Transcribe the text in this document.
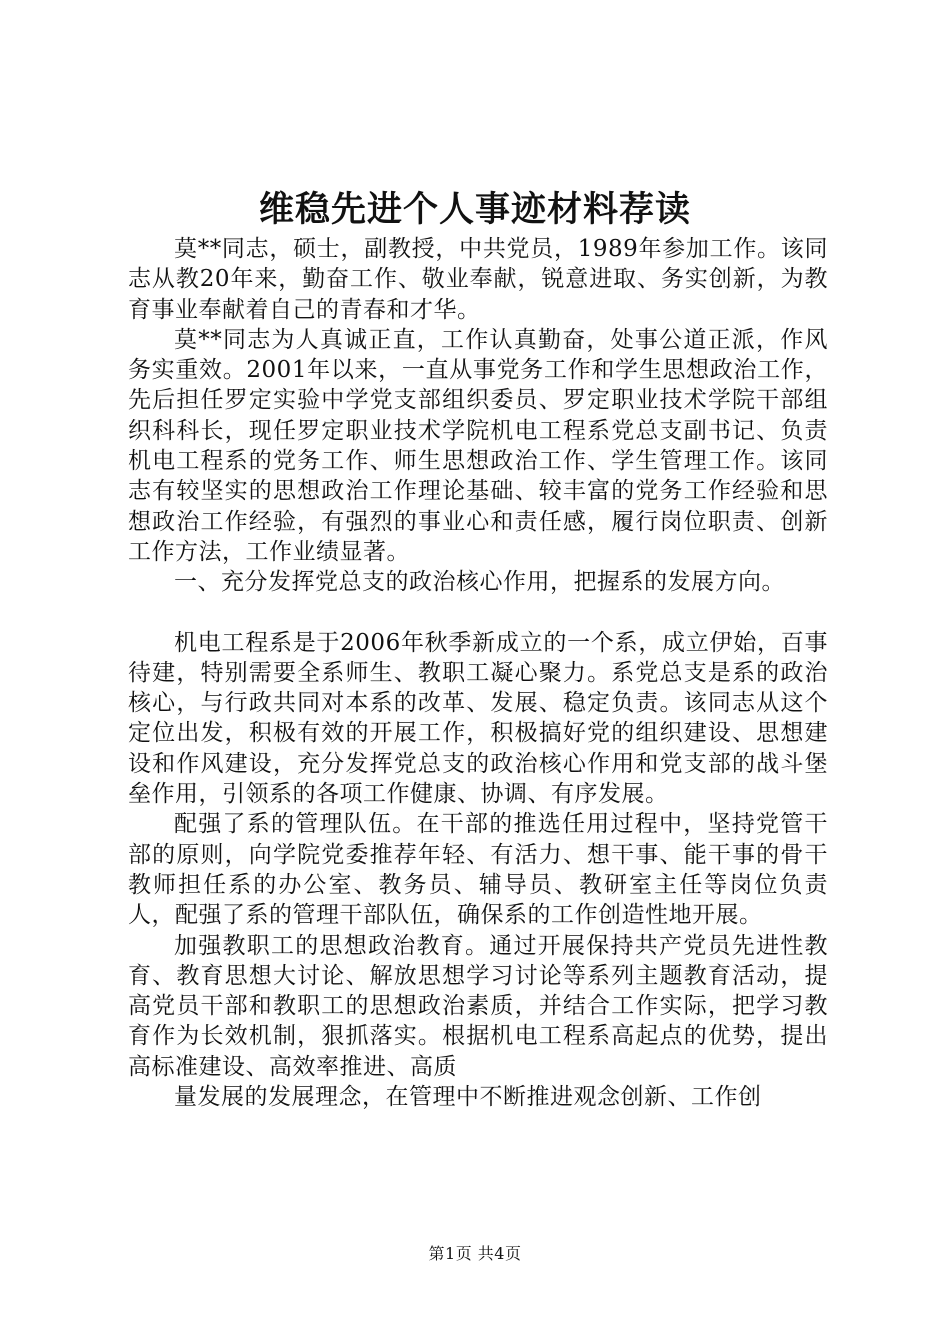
维稳先进个人事迹材料荐读

莫**同志，硕士，副教授，中共党员，1989年参加工作。该同志从教20年来，勤奋工作、敬业奉献，锐意进取、务实创新，为教育事业奉献着自己的青春和才华。

莫**同志为人真诚正直，工作认真勤奋，处事公道正派，作风务实重效。2001年以来，一直从事党务工作和学生思想政治工作，先后担任罗定实验中学党支部组织委员、罗定职业技术学院干部组织科科长，现任罗定职业技术学院机电工程系党总支副书记、负责机电工程系的党务工作、师生思想政治工作、学生管理工作。该同志有较坚实的思想政治工作理论基础、较丰富的党务工作经验和思想政治工作经验，有强烈的事业心和责任感，履行岗位职责、创新工作方法，工作业绩显著。

一、充分发挥党总支的政治核心作用，把握系的发展方向。

机电工程系是于2006年秋季新成立的一个系，成立伊始，百事待建，特别需要全系师生、教职工凝心聚力。系党总支是系的政治核心，与行政共同对本系的改革、发展、稳定负责。该同志从这个定位出发，积极有效的开展工作，积极搞好党的组织建设、思想建设和作风建设，充分发挥党总支的政治核心作用和党支部的战斗堡垒作用，引领系的各项工作健康、协调、有序发展。

配强了系的管理队伍。在干部的推选任用过程中，坚持党管干部的原则，向学院党委推荐年轻、有活力、想干事、能干事的骨干教师担任系的办公室、教务员、辅导员、教研室主任等岗位负责人，配强了系的管理干部队伍，确保系的工作创造性地开展。

加强教职工的思想政治教育。通过开展保持共产党员先进性教育、教育思想大讨论、解放思想学习讨论等系列主题教育活动，提高党员干部和教职工的思想政治素质，并结合工作实际，把学习教育作为长效机制，狠抓落实。根据机电工程系高起点的优势，提出高标准建设、高效率推进、高质

量发展的发展理念，在管理中不断推进观念创新、工作创

第1页 共4页
